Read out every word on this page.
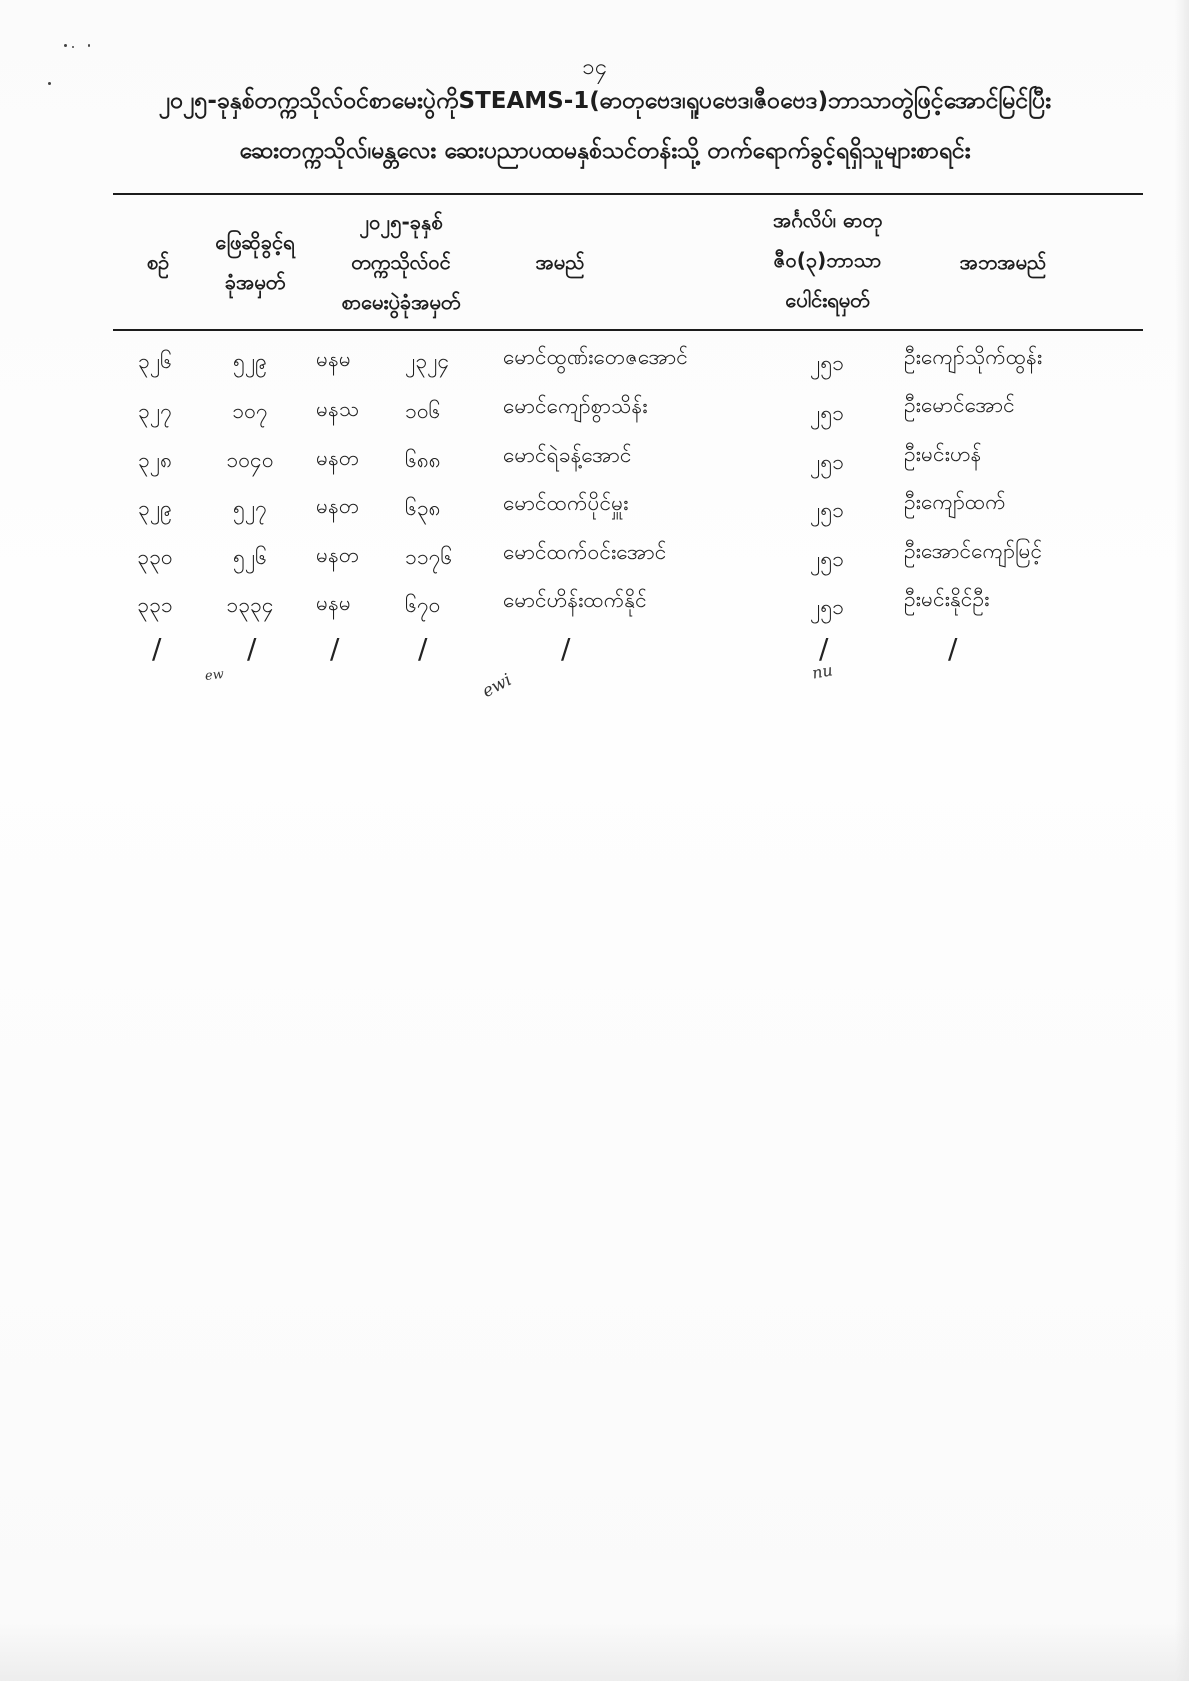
၁၄
၂၀၂၅-ခုနှစ်တက္ကသိုလ်ဝင်စာမေးပွဲကိုSTEAMS-1(ဓာတုဗေဒ၊ရူပဗေဒ၊ဇီဝဗေဒ)ဘာသာတွဲဖြင့်အောင်မြင်ပြီး
ဆေးတက္ကသိုလ်၊မန္တလေး ဆေးပညာပထမနှစ်သင်တန်းသို့ တက်ရောက်ခွင့်ရရှိသူများစာရင်း
စဉ်
ဖြေဆိုခွင့်ရ
ခုံအမှတ်
၂၀၂၅-ခုနှစ်
တက္ကသိုလ်ဝင်
စာမေးပွဲခုံအမှတ်
အမည်
အင်္ဂလိပ်၊ ဓာတု
ဇီဝ(၃)ဘာသာ
ပေါင်းရမှတ်
အဘအမည်
၃၂၆	၅၂၉	မနမ	၂၃၂၄	မောင်ထွဏ်းတေဇအောင်	၂၅၁	ဦးကျော်သိုက်ထွန်း
၃၂၇	၁၀၇	မနသ ၁၀၆	မောင်ကျော်စွာသိန်း	၂၅၁	ဦးမောင်အောင်
၃၂၈	၁၀၄၀	မနတ ၆၈၈	မောင်ရဲခန့်အောင်	၂၅၁	ဦးမင်းဟန်
၃၂၉	၅၂၇	မနတ ၆၃၈	မောင်ထက်ပိုင်မှူး	၂၅၁	ဦးကျော်ထက်
၃၃၀	၅၂၆	မနတ ၁၁၇၆ မောင်ထက်ဝင်းအောင်	၂၅၁	ဦးအောင်ကျော်မြင့်
၃၃၁	၁၃၃၄	မနမ	၆၇၀	မောင်ဟိန်းထက်နိုင်	၂၅၁	ဦးမင်းနိုင်ဦး
/	/	/	/	/	/	/
ew	ewi	nu
